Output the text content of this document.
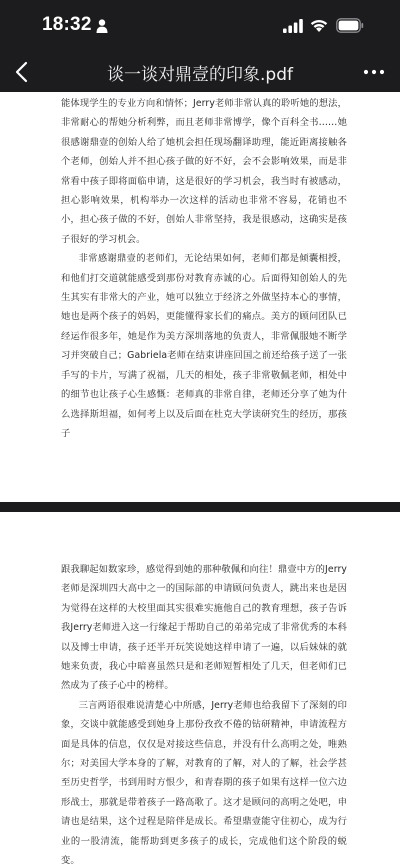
18:32
谈一谈对鼎壹的印象.pdf

能体现学生的专业方向和情怀；Jerry老师非常认真的聆听她的想法，非常耐心的帮她分析利弊，而且老师非常博学，像个百科全书……她很感谢鼎壹的创始人给了她机会担任现场翻译助理，能近距离接触各个老师，创始人并不担心孩子做的好不好，会不会影响效果，而是非常看中孩子即将面临申请，这是很好的学习机会，我当时有被感动，担心影响效果，机构举办一次这样的活动也非常不容易，花销也不小，担心孩子做的不好，创始人非常坚持，我是很感动，这确实是孩子很好的学习机会。

非常感谢鼎壹的老师们，无论结果如何，老师们都是倾囊相授，和他们打交道就能感受到那份对教育赤诚的心。后面得知创始人的先生其实有非常大的产业，她可以独立于经济之外做坚持本心的事情，她也是两个孩子的妈妈，更能懂得家长们的痛点。美方的顾问团队已经运作很多年，她是作为美方深圳落地的负责人，非常佩服她不断学习并突破自己；Gabriela老师在结束讲座回国之前还给孩子送了一张手写的卡片，写满了祝福，几天的相处，孩子非常敬佩老师，相处中的细节也让孩子心生感慨：老师真的非常自律，老师还分享了她为什么选择斯坦福，如何考上以及后面在杜克大学读研究生的经历，那孩子

跟我聊起如数家珍，感觉得到她的那种敬佩和向往！鼎壹中方的Jerry老师是深圳四大高中之一的国际部的申请顾问负责人，跳出来也是因为觉得在这样的大校里面其实很难实施他自己的教育理想，孩子告诉我Jerry老师进入这一行缘起于帮助自己的弟弟完成了非常优秀的本科以及博士申请，孩子还半开玩笑说她这样申请了一遍，以后妹妹的就她来负责，我心中暗喜虽然只是和老师短暂相处了几天，但老师们已然成为了孩子心中的榜样。

三言两语很难说清楚心中所感，Jerry老师也给我留下了深刻的印象，交谈中就能感受到她身上那份孜孜不倦的钻研精神，申请流程方面是具体的信息，仅仅是对接这些信息，并没有什么高明之处，唯熟尔；对美国大学本身的了解，对教育的了解，对人的了解，社会学甚至历史哲学，书到用时方恨少，和青春期的孩子如果有这样一位六边形战士，那就是带着孩子一路高歌了。这才是顾问的高明之处吧，申请也是结果，这个过程是陪伴是成长。希望鼎壹能守住初心，成为行业的一股清流，能帮助到更多孩子的成长，完成他们这个阶段的蜕变。
